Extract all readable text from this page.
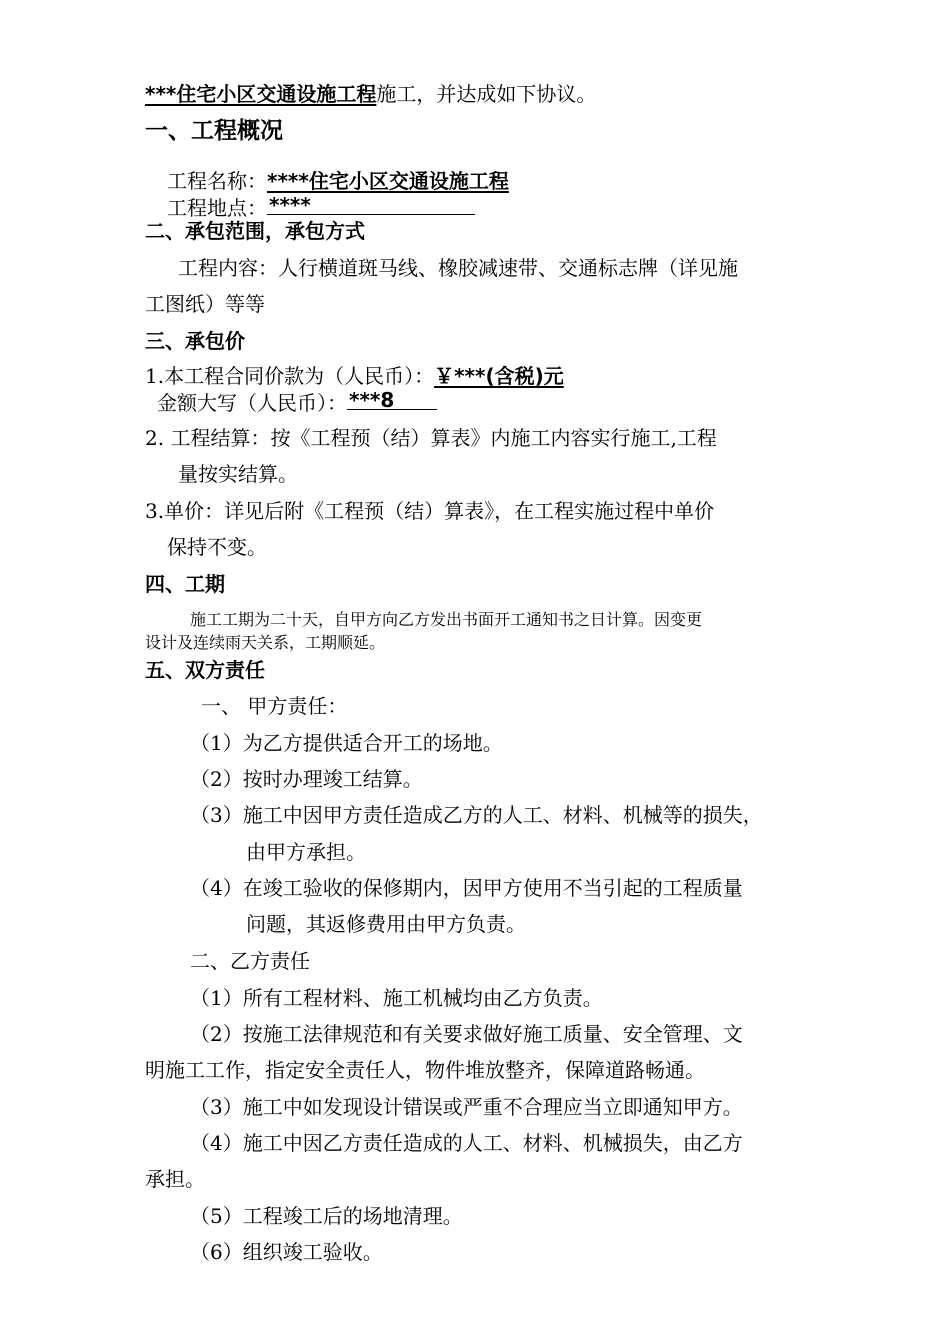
***住宅小区交通设施工程施工，并达成如下协议。
一、工程概况
工程名称：****住宅小区交通设施工程
工程地点： ****
二、承包范围，承包方式
工程内容：人行横道斑马线、橡胶减速带、交通标志牌（详见施
工图纸）等等
三、承包价
1.本工程合同价款为（人民币）：￥***(含税)元
金额大写（人民币）： ***8
2. 工程结算：按《工程预（结）算表》内施工内容实行施工,工程
量按实结算。
3.单价：详见后附《工程预（结）算表》，在工程实施过程中单价
保持不变。
四、工期
施工工期为二十天，自甲方向乙方发出书面开工通知书之日计算。因变更
设计及连续雨天关系，工期顺延。
五、双方责任
一、 甲方责任：
（1）为乙方提供适合开工的场地。
（2）按时办理竣工结算。
（3）施工中因甲方责任造成乙方的人工、材料、机械等的损失，
由甲方承担。
（4）在竣工验收的保修期内，因甲方使用不当引起的工程质量
问题，其返修费用由甲方负责。
二、乙方责任
（1）所有工程材料、施工机械均由乙方负责。
（2）按施工法律规范和有关要求做好施工质量、安全管理、文
明施工工作，指定安全责任人，物件堆放整齐，保障道路畅通。
（3）施工中如发现设计错误或严重不合理应当立即通知甲方。
（4）施工中因乙方责任造成的人工、材料、机械损失，由乙方
承担。
（5）工程竣工后的场地清理。
（6）组织竣工验收。
